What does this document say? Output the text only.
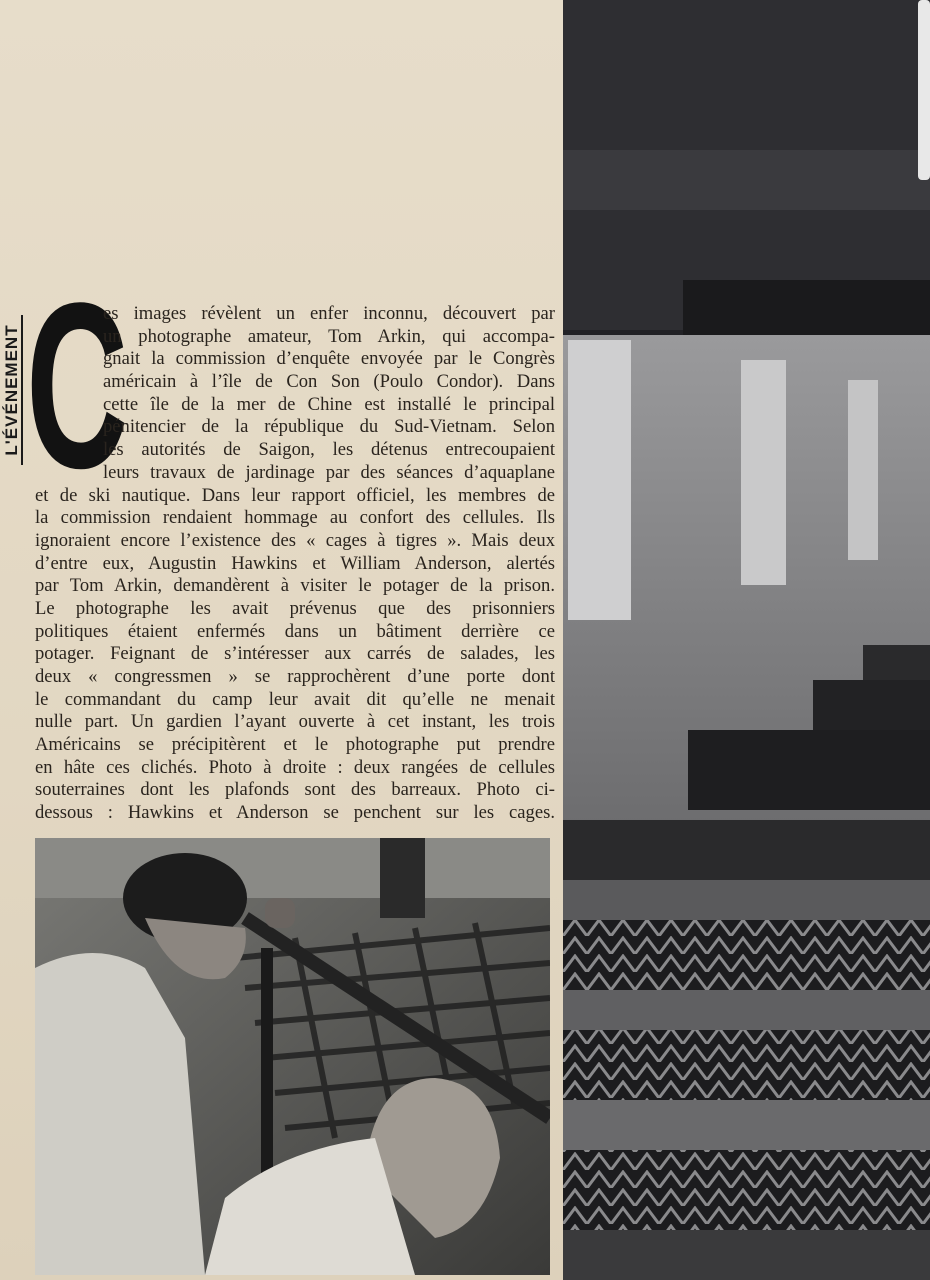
L'ÉVÉNEMENT C
es images révèlent un enfer inconnu, découvert par
un photographe amateur, Tom Arkin, qui accompa-
gnait la commission d’enquête envoyée par le Congrès
américain à l’île de Con Son (Poulo Condor). Dans
cette île de la mer de Chine est installé le principal
pénitencier de la république du Sud-Vietnam. Selon
les autorités de Saigon, les détenus entrecoupaient
leurs travaux de jardinage par des séances d’aquaplane
et de ski nautique. Dans leur rapport officiel, les membres de
la commission rendaient hommage au confort des cellules. Ils
ignoraient encore l’existence des « cages à tigres ». Mais deux
d’entre eux, Augustin Hawkins et William Anderson, alertés
par Tom Arkin, demandèrent à visiter le potager de la prison.
Le photographe les avait prévenus que des prisonniers
politiques étaient enfermés dans un bâtiment derrière ce
potager. Feignant de s’intéresser aux carrés de salades, les
deux « congressmen » se rapprochèrent d’une porte dont
le commandant du camp leur avait dit qu’elle ne menait
nulle part. Un gardien l’ayant ouverte à cet instant, les trois
Américains se précipitèrent et le photographe put prendre
en hâte ces clichés. Photo à droite : deux rangées de cellules
souterraines dont les plafonds sont des barreaux. Photo ci-
dessous : Hawkins et Anderson se penchent sur les cages.
